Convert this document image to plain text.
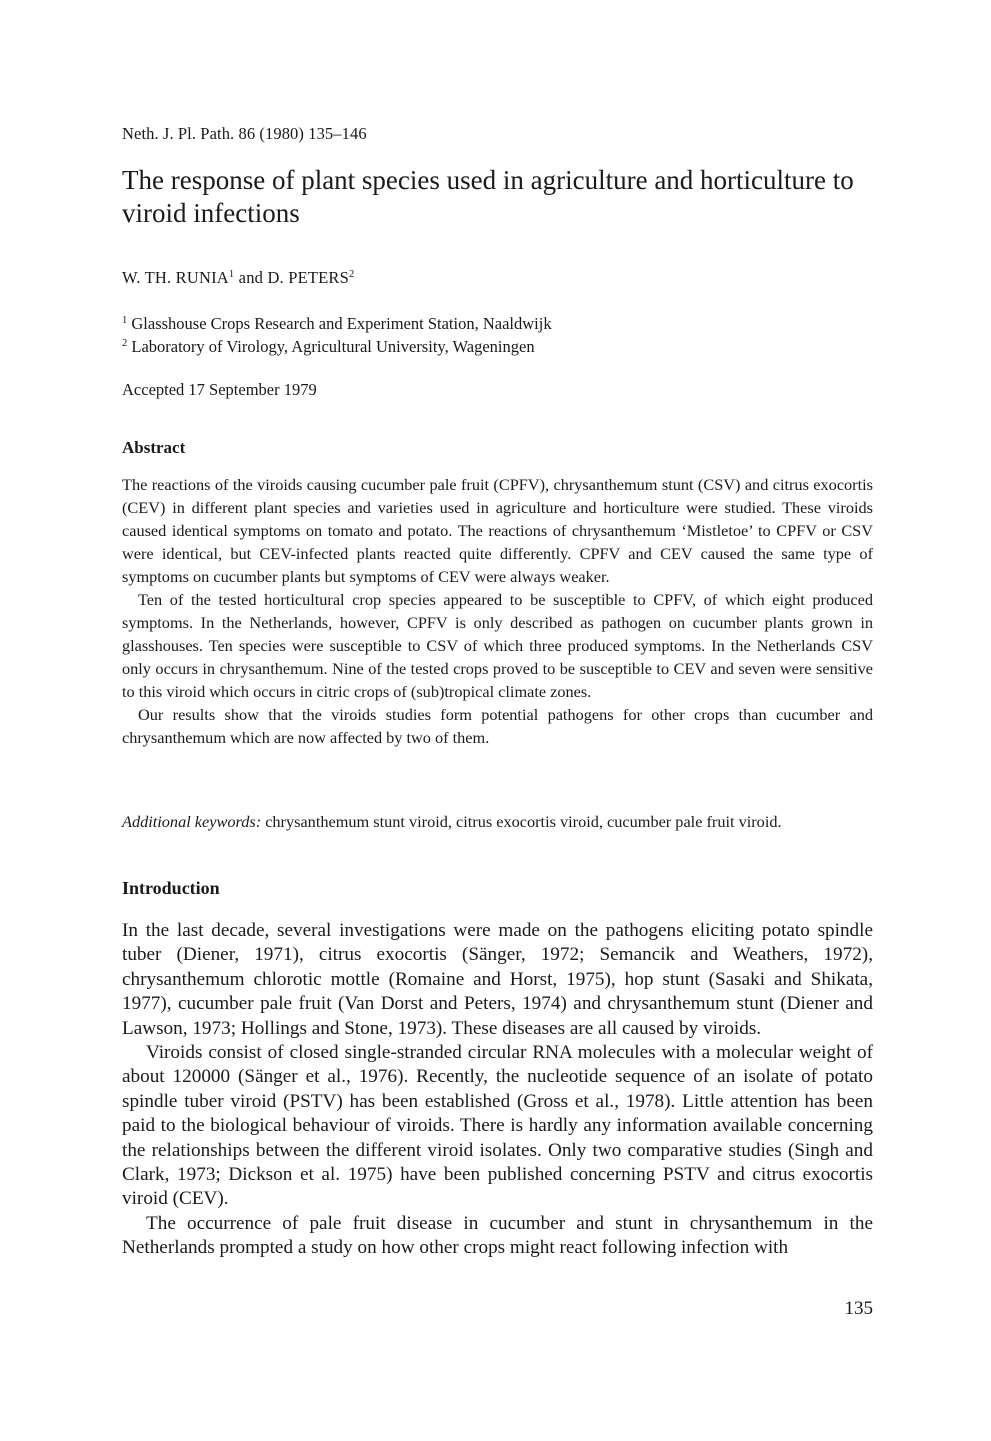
Neth. J. Pl. Path. 86 (1980) 135–146
The response of plant species used in agriculture and horticulture to viroid infections
W. TH. RUNIA$^1$ and D. PETERS$^2$
$^1$ Glasshouse Crops Research and Experiment Station, Naaldwijk
$^2$ Laboratory of Virology, Agricultural University, Wageningen
Accepted 17 September 1979
Abstract

The reactions of the viroids causing cucumber pale fruit (CPFV), chrysanthemum stunt (CSV) and citrus exocortis (CEV) in different plant species and varieties used in agriculture and horticulture were studied. These viroids caused identical symptoms on tomato and potato. The reactions of chrysanthemum ‘Mistletoe’ to CPFV or CSV were identical, but CEV-infected plants reacted quite differently. CPFV and CEV caused the same type of symptoms on cucumber plants but symptoms of CEV were always weaker.

Ten of the tested horticultural crop species appeared to be susceptible to CPFV, of which eight produced symptoms. In the Netherlands, however, CPFV is only described as pathogen on cucumber plants grown in glasshouses. Ten species were susceptible to CSV of which three produced symptoms. In the Netherlands CSV only occurs in chrysanthemum. Nine of the tested crops proved to be susceptible to CEV and seven were sensitive to this viroid which occurs in citric crops of (sub)tropical climate zones.

Our results show that the viroids studies form potential pathogens for other crops than cucumber and chrysanthemum which are now affected by two of them.

Additional keywords: chrysanthemum stunt viroid, citrus exocortis viroid, cucumber pale fruit viroid.
Introduction

In the last decade, several investigations were made on the pathogens eliciting potato spindle tuber (Diener, 1971), citrus exocortis (Sänger, 1972; Semancik and Weathers, 1972), chrysanthemum chlorotic mottle (Romaine and Horst, 1975), hop stunt (Sasaki and Shikata, 1977), cucumber pale fruit (Van Dorst and Peters, 1974) and chrysanthemum stunt (Diener and Lawson, 1973; Hollings and Stone, 1973). These diseases are all caused by viroids.

Viroids consist of closed single-stranded circular RNA molecules with a molecular weight of about 120000 (Sänger et al., 1976). Recently, the nucleotide sequence of an isolate of potato spindle tuber viroid (PSTV) has been established (Gross et al., 1978). Little attention has been paid to the biological behaviour of viroids. There is hardly any information available concerning the relationships between the different viroid isolates. Only two comparative studies (Singh and Clark, 1973; Dickson et al. 1975) have been published concerning PSTV and citrus exocortis viroid (CEV).

The occurrence of pale fruit disease in cucumber and stunt in chrysanthemum in the Netherlands prompted a study on how other crops might react following infection with

135
